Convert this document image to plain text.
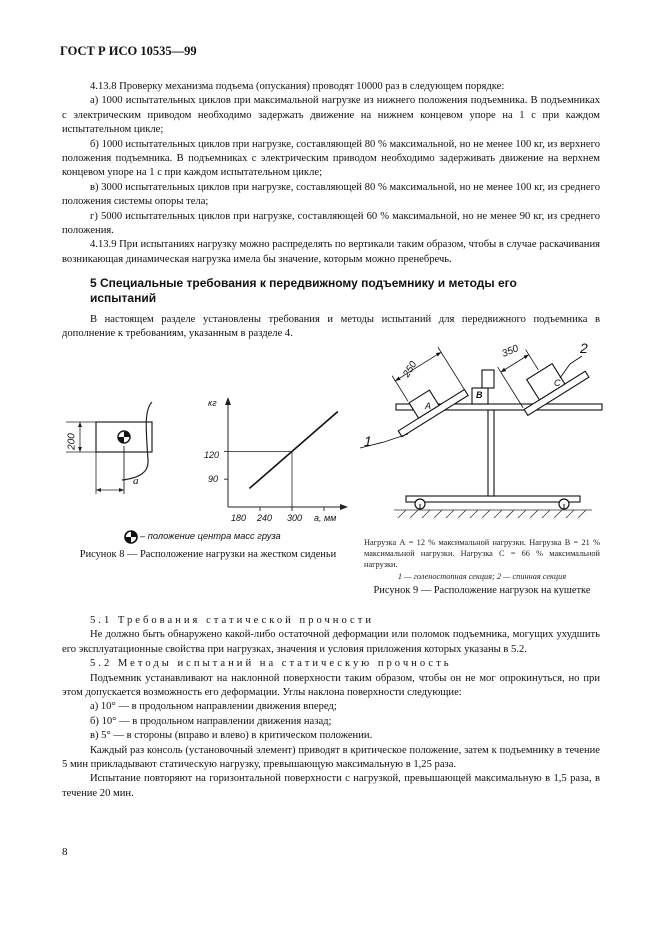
ГОСТ Р ИСО 10535—99

4.13.8 Проверку механизма подъема (опускания) проводят 10000 раз в следующем порядке:

а) 1000 испытательных циклов при максимальной нагрузке из нижнего положения подъемника. В подъемниках с электрическим приводом необходимо задержать движение на нижнем концевом упоре на 1 с при каждом испытательном цикле;

б) 1000 испытательных циклов при нагрузке, составляющей 80 % максимальной, но не менее 100 кг, из верхнего положения подъемника. В подъемниках с электрическим приводом необходимо задерживать движение на верхнем концевом упоре на 1 с при каждом испытательном цикле;

в) 3000 испытательных циклов при нагрузке, составляющей 80 % максимальной, но не менее 100 кг, из среднего положения системы опоры тела;

г) 5000 испытательных циклов при нагрузке, составляющей 60 % максимальной, но не менее 90 кг, из среднего положения.

4.13.9 При испытаниях нагрузку можно распределять по вертикали таким образом, чтобы в случае раскачивания возникающая динамическая нагрузка имела бы значение, которым можно пренебречь.

5 Специальные требования к передвижному подъемнику и методы его испытаний

В настоящем разделе установлены требования и методы испытаний для передвижного подъемника в дополнение к требованиям, указанным в разделе 4.

200
а
кг
120
90
180 240 300 а, мм
– положение центра масс груза
Рисунок 8 — Расположение нагрузки на жестком сиденьи
1
2
250
350
A
B
C
Нагрузка А = 12 % максимальной нагрузки. Нагрузка В = 21 % максимальной нагрузки. Нагрузка С = 66 % максимальной нагрузки.
1 — голеностопная секция; 2 — спинная секция
Рисунок 9 — Расположение нагрузок на кушетке

5.1 Требования статической прочности

Не должно быть обнаружено какой-либо остаточной деформации или поломок подъемника, могущих ухудшить его эксплуатационные свойства при нагрузках, значения и условия приложения которых указаны в 5.2.

5.2 Методы испытаний на статическую прочность

Подъемник устанавливают на наклонной поверхности таким образом, чтобы он не мог опрокинуться, но при этом допускается возможность его деформации. Углы наклона поверхности следующие:

а) 10° — в продольном направлении движения вперед;

б) 10° — в продольном направлении движения назад;

в) 5° — в стороны (вправо и влево) в критическом положении.

Каждый раз консоль (установочный элемент) приводят в критическое положение, затем к подъемнику в течение 5 мин прикладывают статическую нагрузку, превышающую максимальную в 1,25 раза.

Испытание повторяют на горизонтальной поверхности с нагрузкой, превышающей максимальную в 1,5 раза, в течение 20 мин.

8
